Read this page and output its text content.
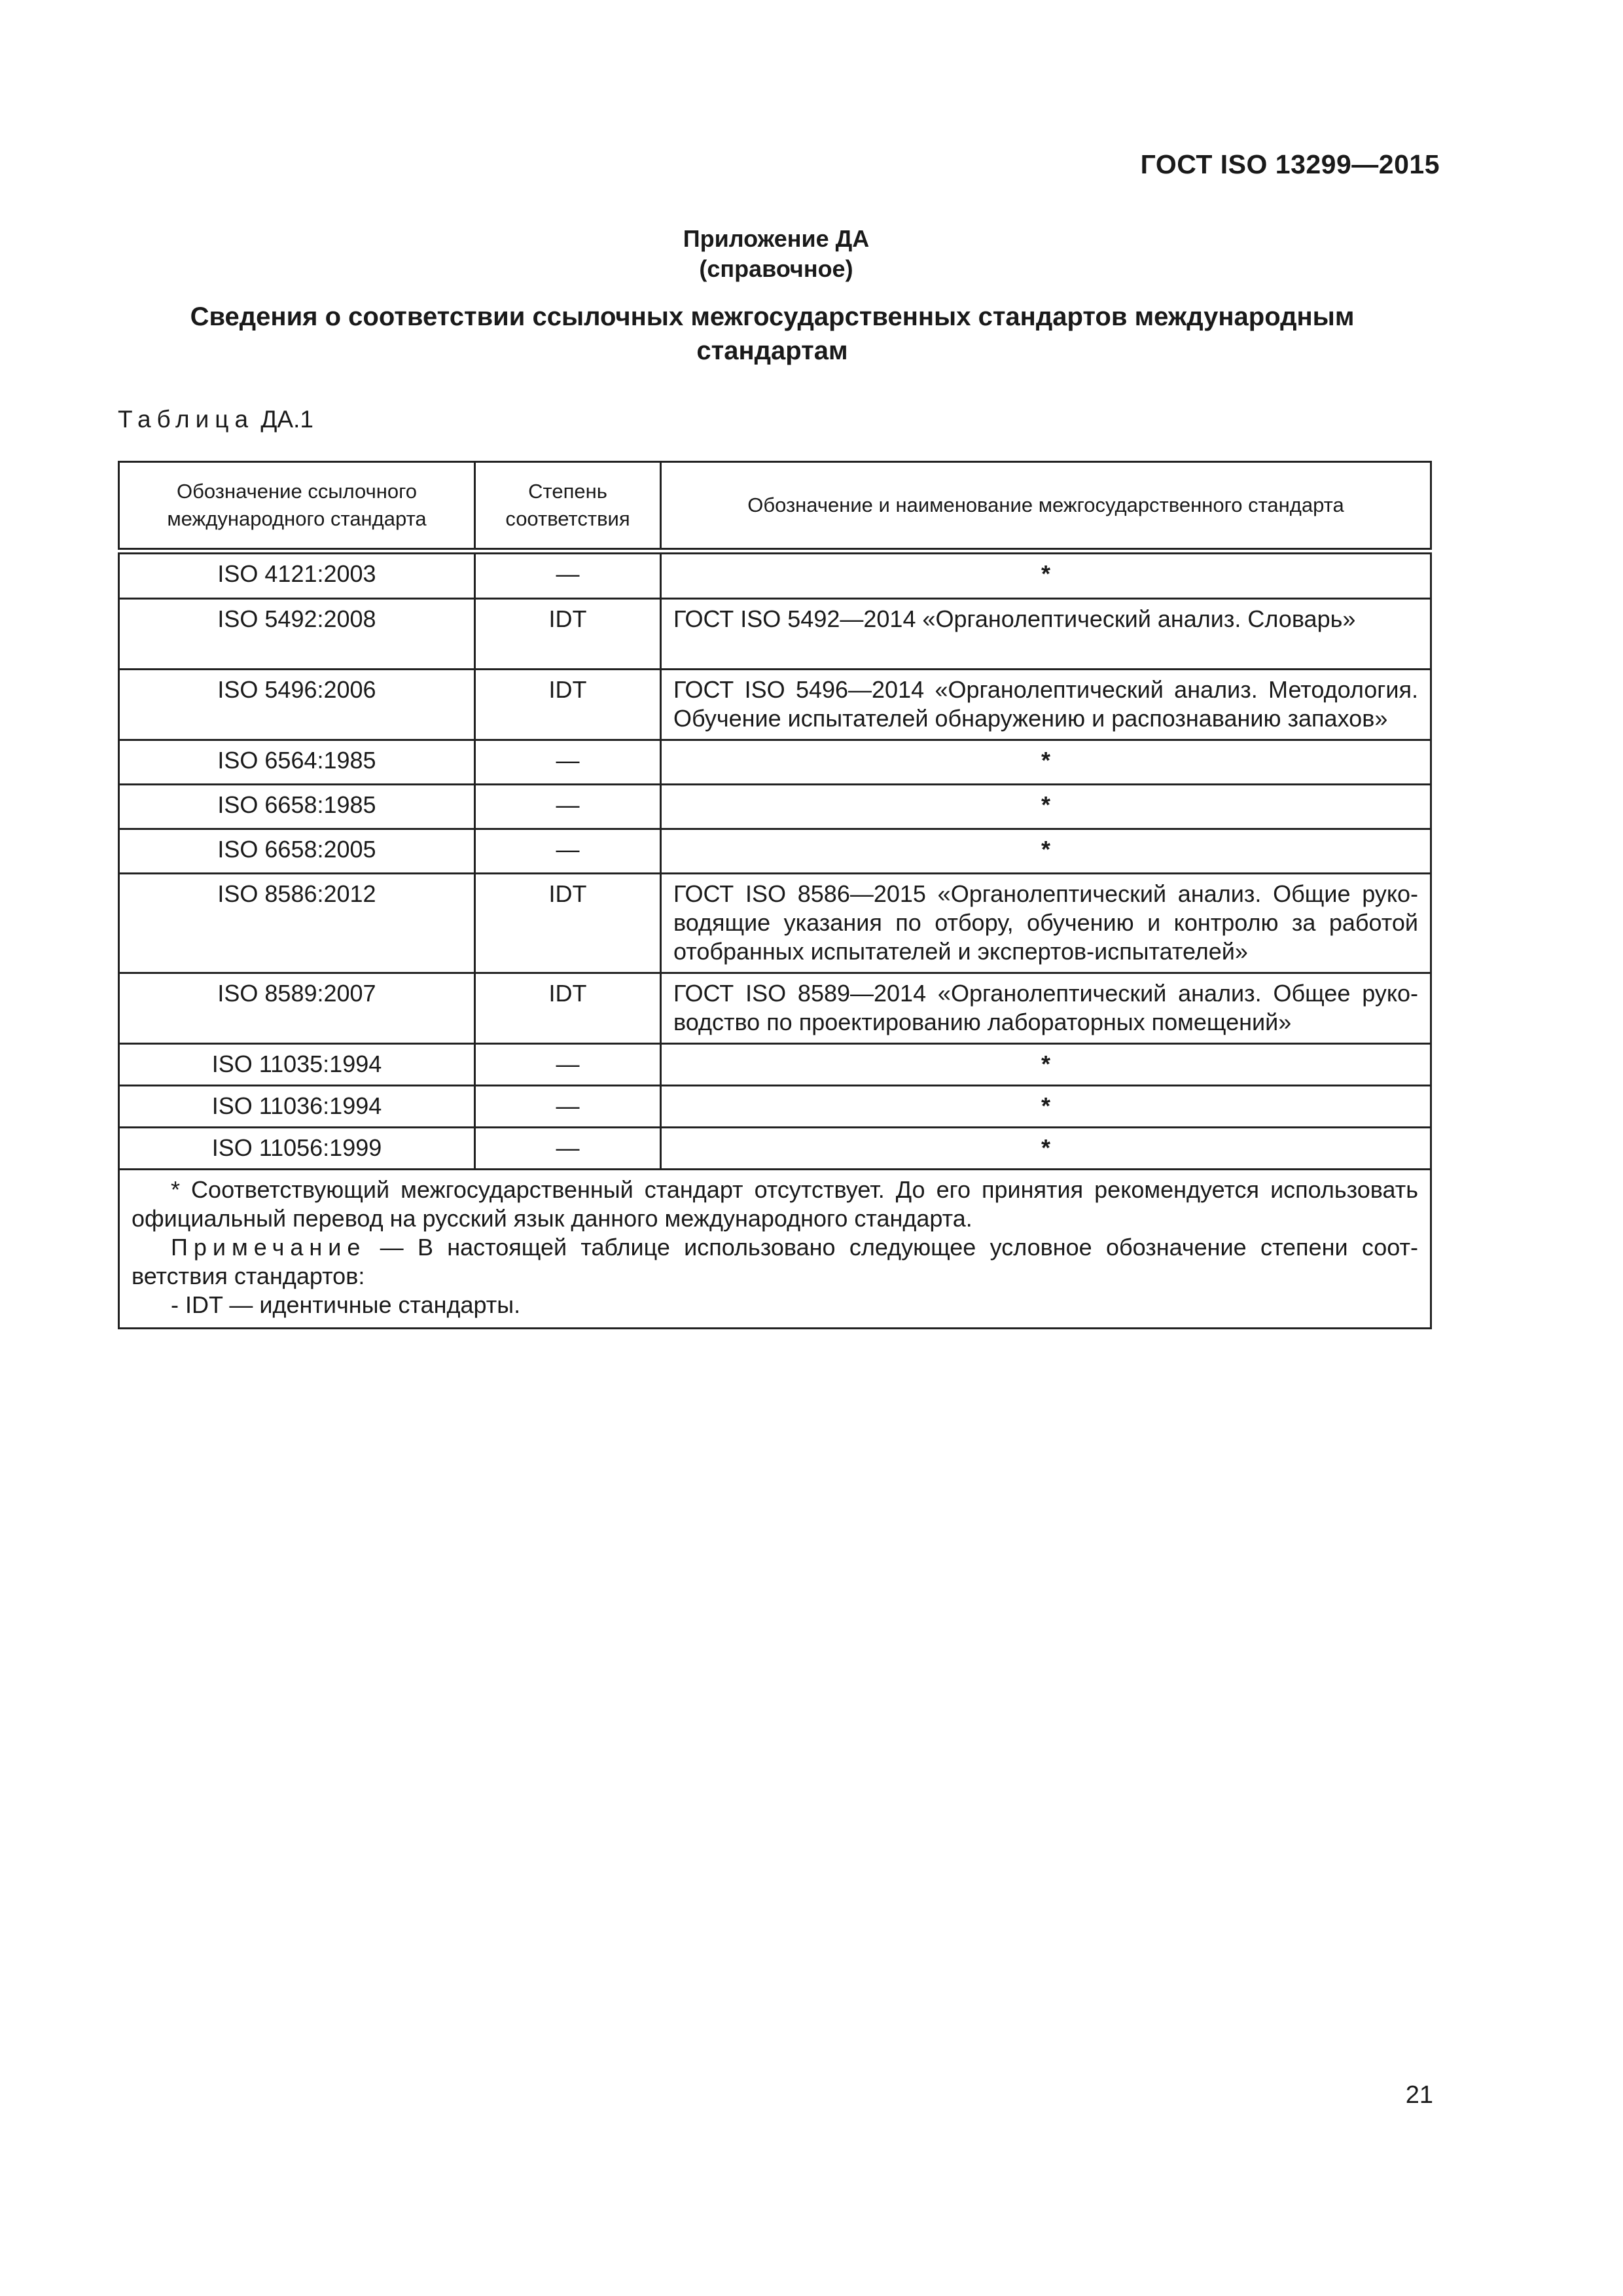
ГОСТ ISO 13299—2015
Приложение ДА
(справочное)
Сведения о соответствии ссылочных межгосударственных стандартов международным
стандартам
Таблица ДА.1
Обозначение ссылочного международного стандарта	Степень соответствия	Обозначение и наименование межгосударственного стандарта
ISO 4121:2003	—	*
ISO 5492:2008	IDT	ГОСТ ISO 5492—2014 «Органолептический анализ. Словарь»
ISO 5496:2006	IDT	ГОСТ ISO 5496—2014 «Органолептический анализ. Методология. Обучение испытателей обнаружению и распознаванию запахов»
ISO 6564:1985	—	*
ISO 6658:1985	—	*
ISO 6658:2005	—	*
ISO 8586:2012	IDT	ГОСТ ISO 8586—2015 «Органолептический анализ. Общие руководящие указания по отбору, обучению и контролю за работой отобранных испытателей и экспертов-испытателей»
ISO 8589:2007	IDT	ГОСТ ISO 8589—2014 «Органолептический анализ. Общее руководство по проектированию лабораторных помещений»
ISO 11035:1994	—	*
ISO 11036:1994	—	*
ISO 11056:1999	—	*

* Соответствующий межгосударственный стандарт отсутствует. До его принятия рекомендуется использовать официальный перевод на русский язык данного международного стандарта.
Примечание — В настоящей таблице использовано следующее условное обозначение степени соответствия стандартов:
- IDT — идентичные стандарты.		
21
